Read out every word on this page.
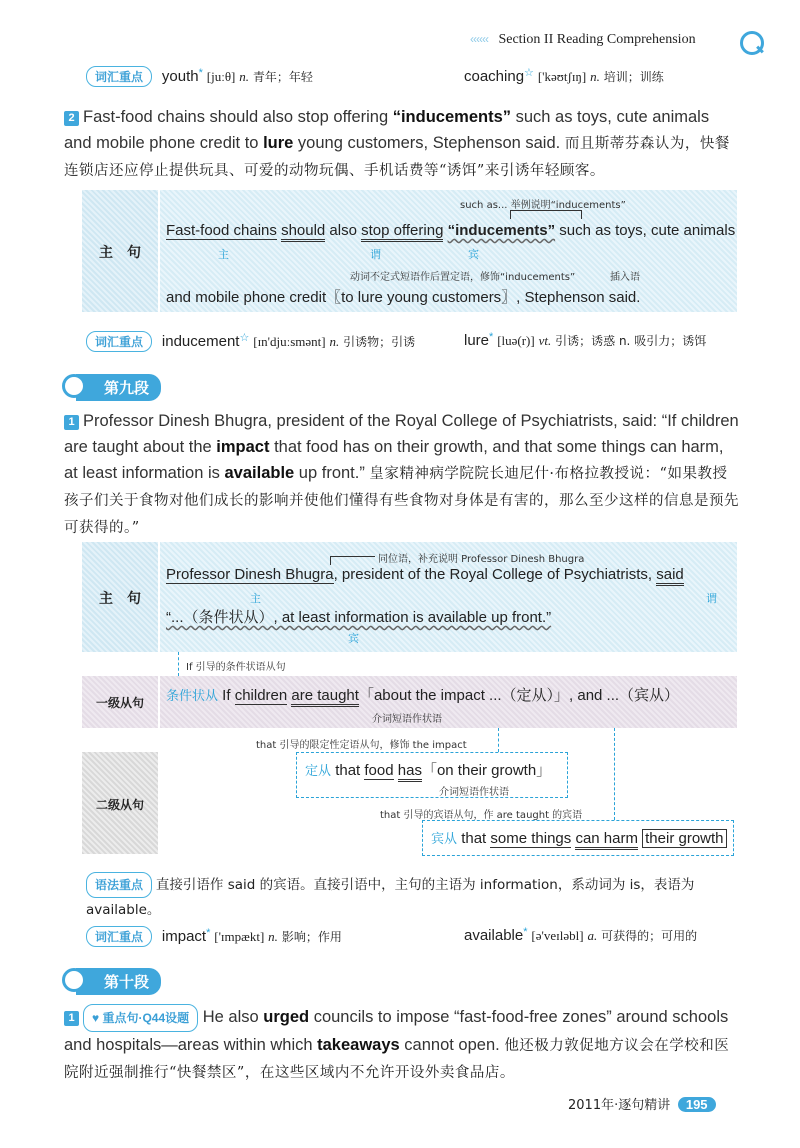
‹‹‹‹‹‹ Section II Reading Comprehension
词汇重点 youth* [juːθ] n. 青年；年轻	coaching☆ ['kəʊtʃɪŋ] n. 培训；训练
2 Fast-food chains should also stop offering “inducements” such as toys, cute animals and mobile phone credit to lure young customers, Stephenson said. 而且斯蒂芬森认为，快餐连锁店还应停止提供玩具、可爱的动物玩偶、手机话费等“诱饵”来引诱年轻顾客。
主　句
such as... 举例说明“inducements”
Fast-food chains should also stop offering “inducements” such as toys, cute animals
主	谓	宾
动词不定式短语作后置定语，修饰“inducements”	插入语
and mobile phone credit〖to lure young customers〗, Stephenson said.
词汇重点 inducement☆ [ɪn'djuːsmənt] n. 引诱物；引诱	lure* [luə(r)] vt. 引诱；诱惑 n. 吸引力；诱饵
第九段
1 Professor Dinesh Bhugra, president of the Royal College of Psychiatrists, said: “If children are taught about the impact that food has on their growth, and that some things can harm, at least information is available up front.” 皇家精神病学院院长迪尼什·布格拉教授说：“如果教授孩子们关于食物对他们成长的影响并使他们懂得有些食物对身体是有害的，那么至少这样的信息是预先可获得的。”
主　句
同位语，补充说明 Professor Dinesh Bhugra
Professor Dinesh Bhugra, president of the Royal College of Psychiatrists, said
主	谓
“...（条件状从）, at least information is available up front.”
宾
If 引导的条件状语从句
一级从句	条件状从 If children are taught「about the impact ...（定从）」, and ...（宾从）
介词短语作状语
二级从句
that 引导的限定性定语从句，修饰 the impact
定从 that food has「on their growth」
介词短语作状语
that 引导的宾语从句，作 are taught 的宾语
宾从 that some things can harm their growth
语法重点 直接引语作 said 的宾语。直接引语中，主句的主语为 information，系动词为 is，表语为 available。
词汇重点 impact* ['ɪmpækt] n. 影响；作用	available* [ə'veɪləbl] a. 可获得的；可用的
第十段
1 ♥ 重点句·Q44设题 He also urged councils to impose “fast-food-free zones” around schools and hospitals—areas within which takeaways cannot open. 他还极力敦促地方议会在学校和医院附近强制推行“快餐禁区”，在这些区域内不允许开设外卖食品店。
2011年·逐句精讲 195
